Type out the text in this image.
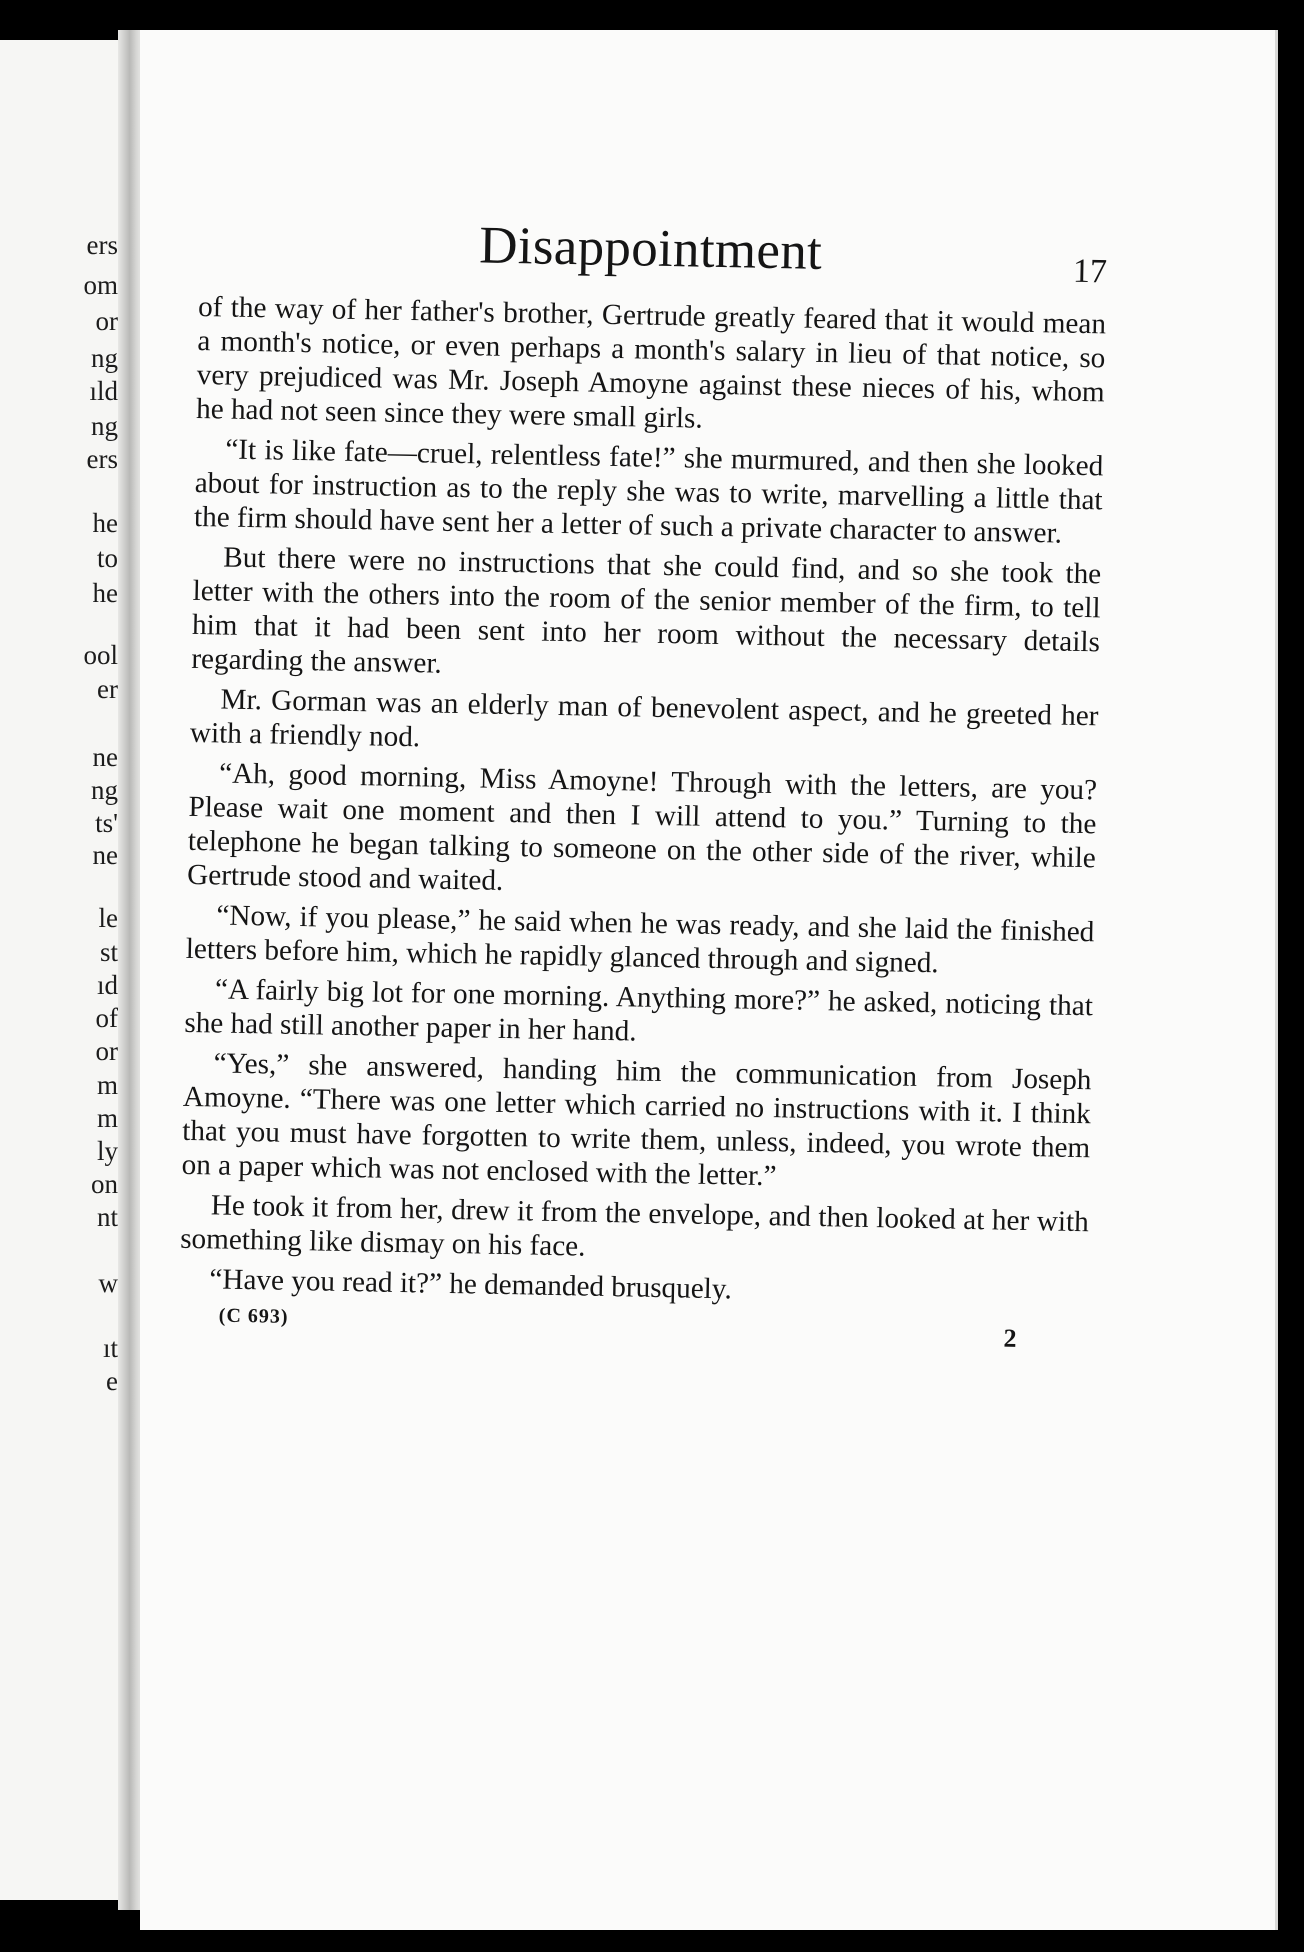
ers
om
or
ng
ıld
ng
ers
he
to
he
ool
er
ne
ng
ts'
ne
le
st
ıd
of
or
m
m
ly
on
nt
w
ıt
e
Disappointment	17

of the way of her father's brother, Gertrude greatly feared that it would mean a month's notice, or even perhaps a month's salary in lieu of that notice, so very prejudiced was Mr. Joseph Amoyne against these nieces of his, whom he had not seen since they were small girls.

“It is like fate—cruel, relentless fate!” she murmured, and then she looked about for instruction as to the reply she was to write, marvelling a little that the firm should have sent her a letter of such a private character to answer.

But there were no instructions that she could find, and so she took the letter with the others into the room of the senior member of the firm, to tell him that it had been sent into her room without the necessary details regarding the answer.

Mr. Gorman was an elderly man of benevolent aspect, and he greeted her with a friendly nod.

“Ah, good morning, Miss Amoyne! Through with the letters, are you? Please wait one moment and then I will attend to you.” Turning to the telephone he began talking to someone on the other side of the river, while Gertrude stood and waited.

“Now, if you please,” he said when he was ready, and she laid the finished letters before him, which he rapidly glanced through and signed.

“A fairly big lot for one morning. Anything more?” he asked, noticing that she had still another paper in her hand.

“Yes,” she answered, handing him the communication from Joseph Amoyne. “There was one letter which carried no instructions with it. I think that you must have forgotten to write them, unless, indeed, you wrote them on a paper which was not enclosed with the letter.”

He took it from her, drew it from the envelope, and then looked at her with something like dismay on his face.

“Have you read it?” he demanded brusquely.

(C 693)
2
